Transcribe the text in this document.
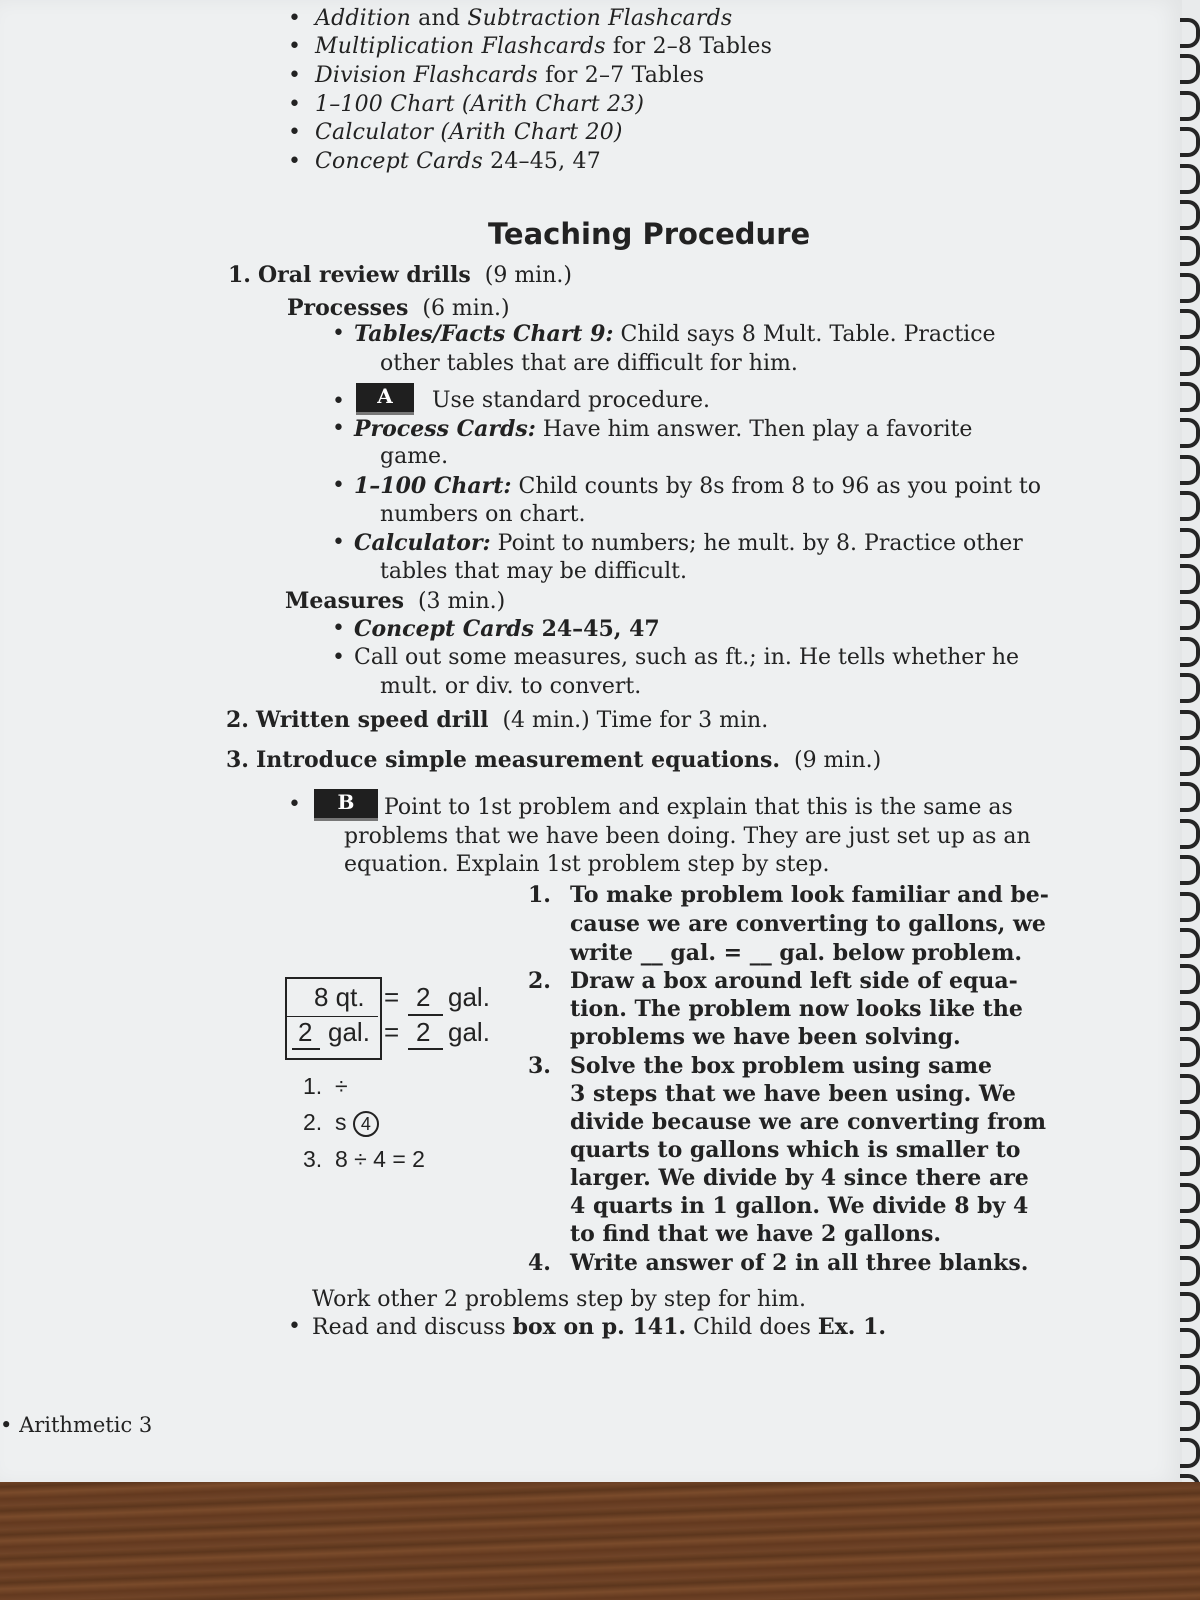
• Addition and Subtraction Flashcards
• Multiplication Flashcards for 2–8 Tables
• Division Flashcards for 2–7 Tables
• 1–100 Chart (Arith Chart 23)
• Calculator (Arith Chart 20)
• Concept Cards 24–45, 47
Teaching Procedure
1. Oral review drills (9 min.)
Processes (6 min.)
• Tables/Facts Chart 9: Child says 8 Mult. Table. Practice
other tables that are difficult for him.
•	A	Use standard procedure.
• Process Cards: Have him answer. Then play a favorite
game.
• 1–100 Chart: Child counts by 8s from 8 to 96 as you point to
numbers on chart.
• Calculator: Point to numbers; he mult. by 8. Practice other
tables that may be difficult.
Measures (3 min.)
• Concept Cards 24–45, 47
• Call out some measures, such as ft.; in. He tells whether he
mult. or div. to convert.
2. Written speed drill (4 min.) Time for 3 min.
3. Introduce simple measurement equations. (9 min.)
•	B	Point to 1st problem and explain that this is the same as
problems that we have been doing. They are just set up as an
equation. Explain 1st problem step by step.
1. To make problem look familiar and be-
cause we are converting to gallons, we
write __ gal. = __ gal. below problem.
2. Draw a box around left side of equa-
tion. The problem now looks like the
problems we have been solving.
3. Solve the box problem using same
3 steps that we have been using. We
divide because we are converting from
quarts to gallons which is smaller to
larger. We divide by 4 since there are
4 quarts in 1 gallon. We divide 8 by 4
to find that we have 2 gallons.
4. Write answer of 2 in all three blanks.
8 qt. = 2 gal.
2 gal. = 2 gal.
1. ÷
2. s 4
3. 8 ÷ 4 = 2
Work other 2 problems step by step for him.
• Read and discuss box on p. 141. Child does Ex. 1.
• Arithmetic 3
